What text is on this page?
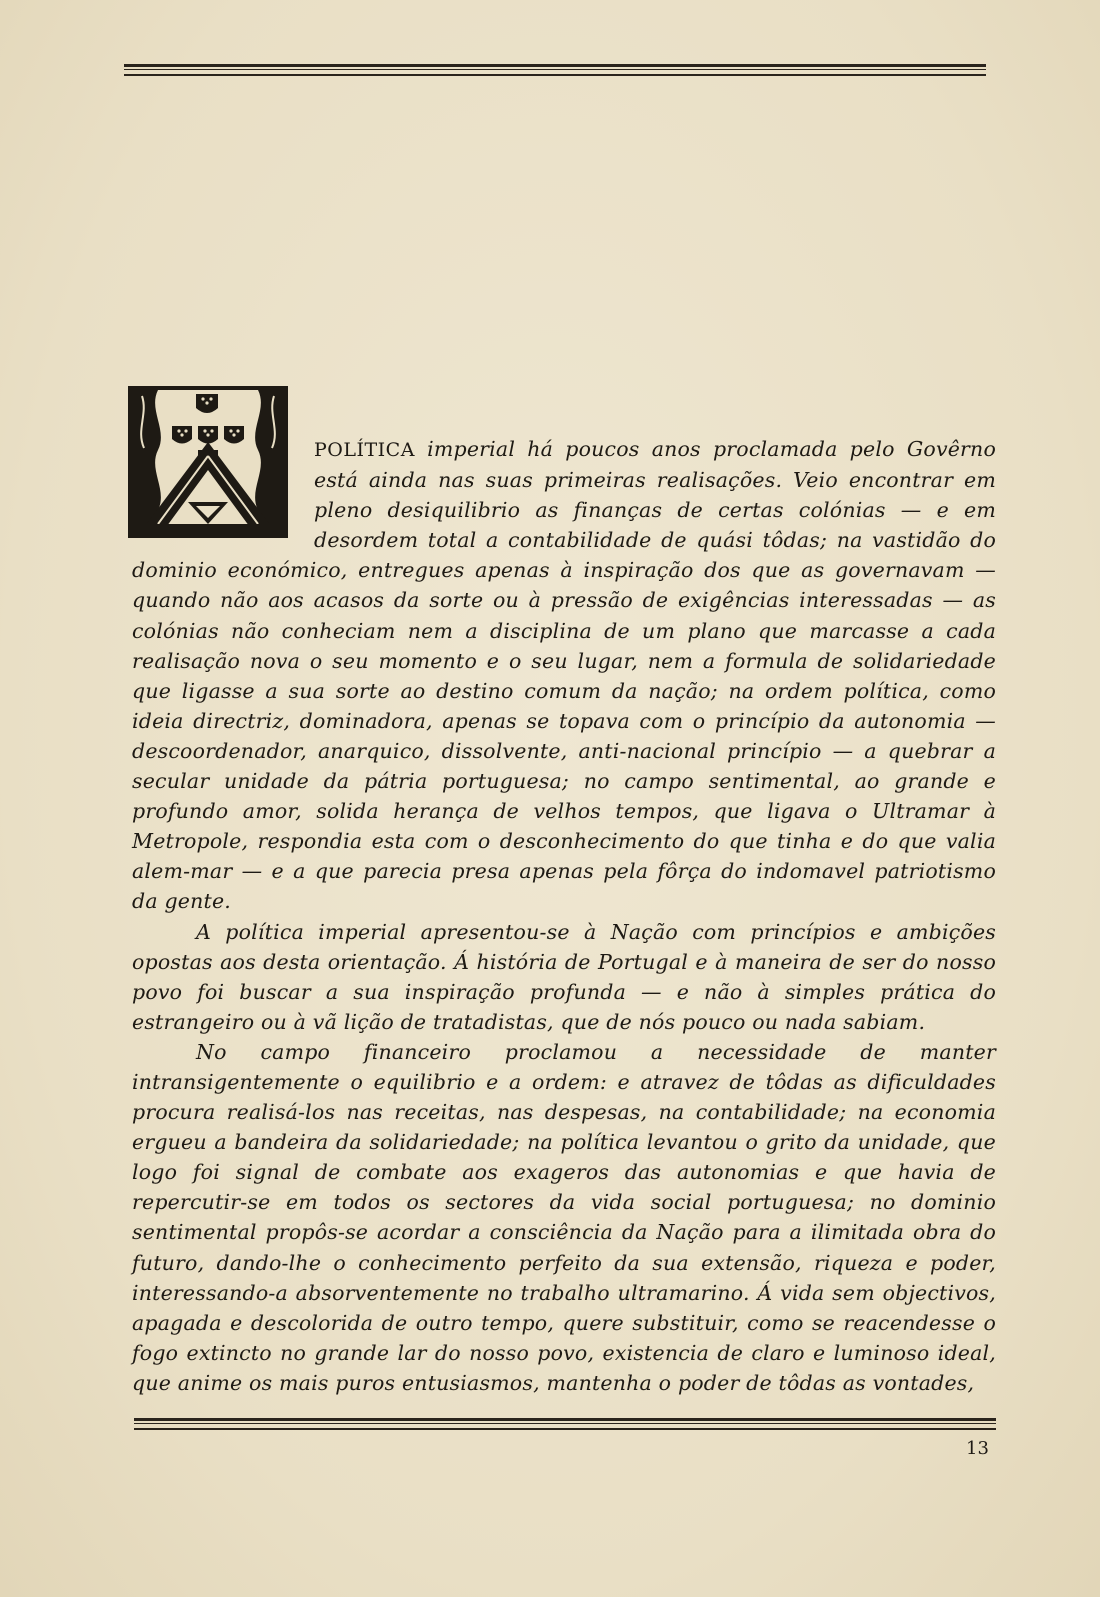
POLÍTICA imperial há poucos anos proclamada pelo Govêrno está ainda nas suas primeiras realisações. Veio encontrar em pleno desiquilibrio as finanças de certas colónias — e em desordem total a contabilidade de quási tôdas; na vastidão do dominio económico, entregues apenas à inspiração dos que as governavam — quando não aos acasos da sorte ou à pressão de exigências interessadas — as colónias não conheciam nem a disciplina de um plano que marcasse a cada realisação nova o seu momento e o seu lugar, nem a formula de solidariedade que ligasse a sua sorte ao destino comum da nação; na ordem política, como ideia directriz, dominadora, apenas se topava com o princípio da autonomia — descoordenador, anarquico, dissolvente, anti-nacional princípio — a quebrar a secular unidade da pátria portuguesa; no campo sentimental, ao grande e profundo amor, solida herança de velhos tempos, que ligava o Ultramar à Metropole, respondia esta com o desconhecimento do que tinha e do que valia alem-mar — e a que parecia presa apenas pela fôrça do indomavel patriotismo da gente.

A política imperial apresentou-se à Nação com princípios e ambições opostas aos desta orientação. Á história de Portugal e à maneira de ser do nosso povo foi buscar a sua inspiração profunda — e não à simples prática do estrangeiro ou à vã lição de tratadistas, que de nós pouco ou nada sabiam.

No campo financeiro proclamou a necessidade de manter intransigentemente o equilibrio e a ordem: e atravez de tôdas as dificuldades procura realisá-los nas receitas, nas despesas, na contabilidade; na economia ergueu a bandeira da solidariedade; na política levantou o grito da unidade, que logo foi signal de combate aos exageros das autonomias e que havia de repercutir-se em todos os sectores da vida social portuguesa; no dominio sentimental propôs-se acordar a consciência da Nação para a ilimitada obra do futuro, dando-lhe o conhecimento perfeito da sua extensão, riqueza e poder, interessando-a absorventemente no trabalho ultramarino. Á vida sem objectivos, apagada e descolorida de outro tempo, quere substituir, como se reacendesse o fogo extincto no grande lar do nosso povo, existencia de claro e luminoso ideal, que anime os mais puros entusiasmos, mantenha o poder de tôdas as vontades,

13
